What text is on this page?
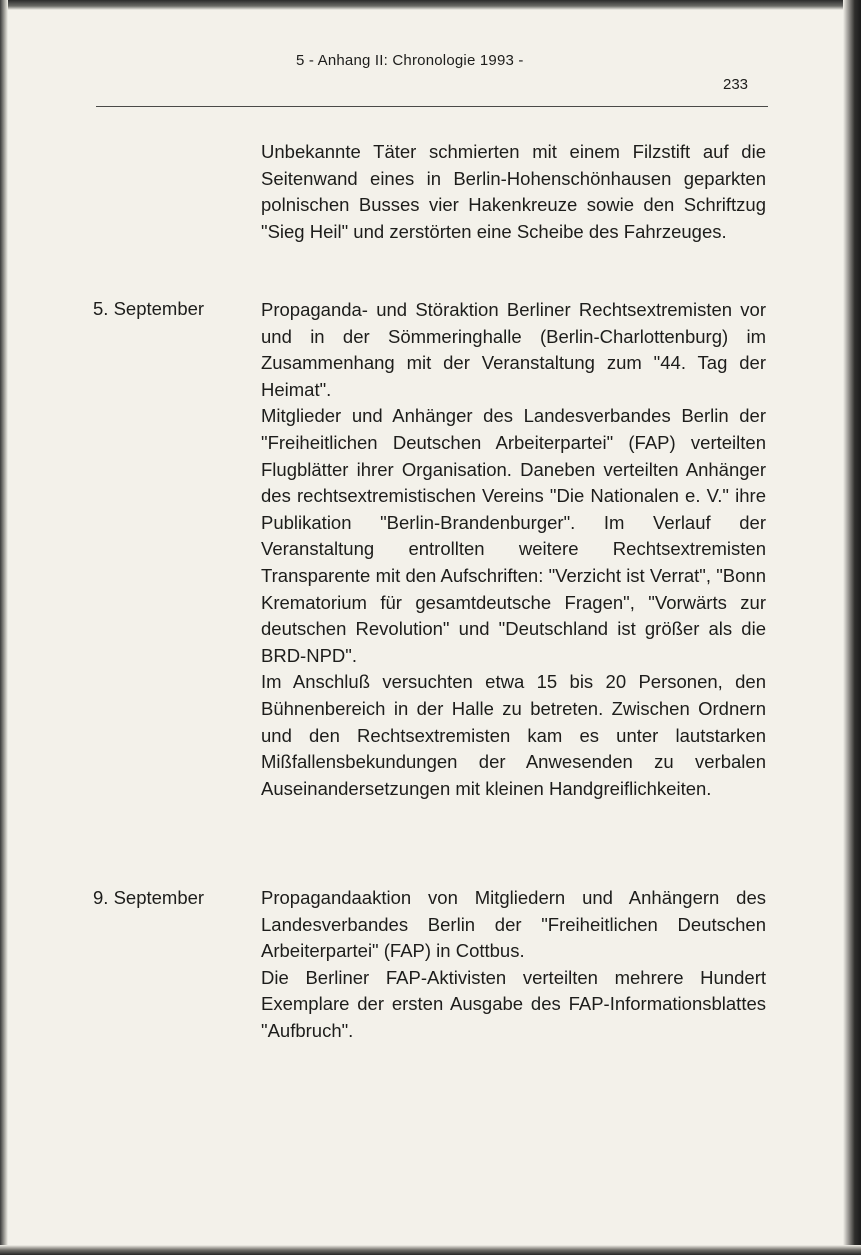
5 - Anhang II: Chronologie 1993 -
233

Unbekannte Täter schmierten mit einem Filzstift auf die Seitenwand eines in Berlin-Hohenschönhausen geparkten polnischen Busses vier Hakenkreuze sowie den Schriftzug "Sieg Heil" und zerstörten eine Scheibe des Fahrzeuges.

5. September	Propaganda- und Störaktion Berliner Rechtsextremisten vor und in der Sömmeringhalle (Berlin-Charlottenburg) im Zusammenhang mit der Veranstaltung zum "44. Tag der Heimat".

Mitglieder und Anhänger des Landesverbandes Berlin der "Freiheitlichen Deutschen Arbeiterpartei" (FAP) verteilten Flugblätter ihrer Organisation. Daneben verteilten Anhänger des rechtsextremistischen Vereins "Die Nationalen e. V." ihre Publikation "Berlin-Brandenburger". Im Verlauf der Veranstaltung entrollten weitere Rechtsextremisten Transparente mit den Aufschriften: "Verzicht ist Verrat", "Bonn Krematorium für gesamtdeutsche Fragen", "Vorwärts zur deutschen Revolution" und "Deutschland ist größer als die BRD-NPD".

Im Anschluß versuchten etwa 15 bis 20 Personen, den Bühnenbereich in der Halle zu betreten. Zwischen Ordnern und den Rechtsextremisten kam es unter lautstarken Mißfallensbekundungen der Anwesenden zu verbalen Auseinandersetzungen mit kleinen Handgreiflichkeiten.

9. September	Propagandaaktion von Mitgliedern und Anhängern des Landesverbandes Berlin der "Freiheitlichen Deutschen Arbeiterpartei" (FAP) in Cottbus.

Die Berliner FAP-Aktivisten verteilten mehrere Hundert Exemplare der ersten Ausgabe des FAP-Informationsblattes "Aufbruch".
